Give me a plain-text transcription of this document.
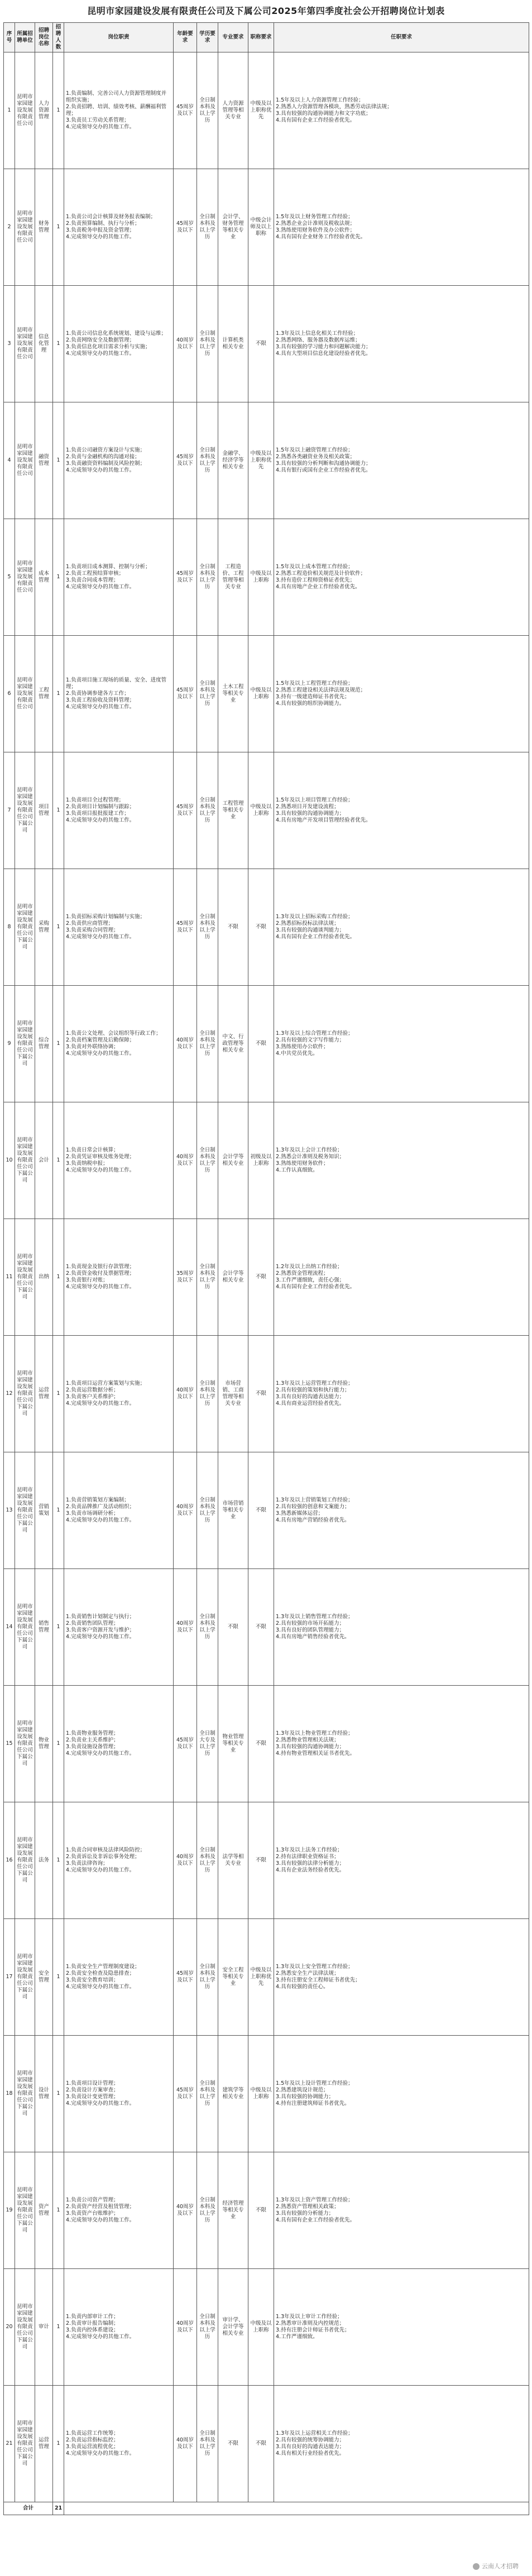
昆明市家园建设发展有限责任公司及下属公司2025年第四季度社会公开招聘岗位计划表
序号	所属招聘单位	招聘岗位名称	招聘人数	岗位职责	年龄要求	学历要求	专业要求	职称要求	任职要求
1	昆明市家园建设发展有限责任公司	人力资源管理	1	1.负责编制、完善公司人力资源管理制度并组织实施；
2.负责招聘、培训、绩效考核、薪酬福利管理；
3.负责员工劳动关系管理；
4.完成领导交办的其他工作。	45周岁及以下	全日制本科及以上学历	人力资源管理等相关专业	中级及以上职称优先	1.5年及以上人力资源管理工作经验；
2.熟悉人力资源管理各模块，熟悉劳动法律法规；
3.具有较强的沟通协调能力和文字功底；
4.具有国有企业工作经验者优先。
2	昆明市家园建设发展有限责任公司	财务管理	1	1.负责公司会计核算及财务报表编制；
2.负责预算编制、执行与分析；
3.负责税务申报及资金管理；
4.完成领导交办的其他工作。	45周岁及以下	全日制本科及以上学历	会计学、财务管理等相关专业	中级会计师及以上职称	1.5年及以上财务管理工作经验；
2.熟悉企业会计准则及税收法规；
3.熟练使用财务软件及办公软件；
4.具有国有企业财务工作经验者优先。
3	昆明市家园建设发展有限责任公司	信息化管理	1	1.负责公司信息化系统规划、建设与运维；
2.负责网络安全及数据管理；
3.负责信息化项目需求分析与实施；
4.完成领导交办的其他工作。	40周岁及以下	全日制本科及以上学历	计算机类相关专业	不限	1.3年及以上信息化相关工作经验；
2.熟悉网络、服务器及数据库运维；
3.具有较强的学习能力和问题解决能力；
4.具有大型项目信息化建设经验者优先。
4	昆明市家园建设发展有限责任公司	融资管理	1	1.负责公司融资方案设计与实施；
2.负责与金融机构的沟通对接；
3.负责融资资料编制及风险控制；
4.完成领导交办的其他工作。	45周岁及以下	全日制本科及以上学历	金融学、经济学等相关专业	中级及以上职称优先	1.5年及以上融资管理工作经验；
2.熟悉各类融资业务及相关政策；
3.具有较强的分析判断和沟通协调能力；
4.具有银行或国有企业工作经验者优先。
5	昆明市家园建设发展有限责任公司	成本管理	1	1.负责项目成本测算、控制与分析；
2.负责工程预结算审核；
3.负责合同成本管理；
4.完成领导交办的其他工作。	45周岁及以下	全日制本科及以上学历	工程造价、工程管理等相关专业	中级及以上职称	1.5年及以上成本管理工作经验；
2.熟悉工程造价相关规范及计价软件；
3.持有造价工程师资格证者优先；
4.具有房地产企业工作经验者优先。
6	昆明市家园建设发展有限责任公司	工程管理	1	1.负责项目施工现场的质量、安全、进度管理；
2.负责协调参建各方工作；
3.负责工程验收及资料管理；
4.完成领导交办的其他工作。	45周岁及以下	全日制本科及以上学历	土木工程等相关专业	中级及以上职称	1.5年及以上工程管理工作经验；
2.熟悉工程建设相关法律法规及规范；
3.持有一级建造师证书者优先；
4.具有较强的组织协调能力。
7	昆明市家园建设发展有限责任公司下属公司	项目管理	1	1.负责项目全过程管理；
2.负责项目计划编制与跟踪；
3.负责项目报批报建工作；
4.完成领导交办的其他工作。	45周岁及以下	全日制本科及以上学历	工程管理等相关专业	中级及以上职称	1.5年及以上项目管理工作经验；
2.熟悉项目开发建设流程；
3.具有较强的沟通协调能力；
4.具有房地产开发项目管理经验者优先。
8	昆明市家园建设发展有限责任公司下属公司	采购管理	1	1.负责招标采购计划编制与实施；
2.负责供应商管理；
3.负责采购合同管理；
4.完成领导交办的其他工作。	45周岁及以下	全日制本科及以上学历	不限	不限	1.3年及以上招标采购工作经验；
2.熟悉招标投标法律法规；
3.具有较强的沟通谈判能力；
4.具有国有企业工作经验者优先。
9	昆明市家园建设发展有限责任公司下属公司	综合管理	1	1.负责公文处理、会议组织等行政工作；
2.负责档案管理及后勤保障；
3.负责对外联络协调；
4.完成领导交办的其他工作。	40周岁及以下	全日制本科及以上学历	中文、行政管理等相关专业	不限	1.3年及以上综合管理工作经验；
2.具有较强的文字写作能力；
3.熟练使用办公软件；
4.中共党员优先。
10	昆明市家园建设发展有限责任公司下属公司	会计	1	1.负责日常会计核算；
2.负责凭证审核及账务处理；
3.负责纳税申报；
4.完成领导交办的其他工作。	40周岁及以下	全日制本科及以上学历	会计学等相关专业	初级及以上职称	1.3年及以上会计工作经验；
2.熟悉会计准则及税务知识；
3.熟练使用财务软件；
4.工作认真细致。
11	昆明市家园建设发展有限责任公司下属公司	出纳	1	1.负责现金及银行存款管理；
2.负责资金收付及票据管理；
3.负责银行对账；
4.完成领导交办的其他工作。	35周岁及以下	全日制本科及以上学历	会计学等相关专业	不限	1.2年及以上出纳工作经验；
2.熟悉资金管理流程；
3.工作严谨细致，责任心强；
4.具有国有企业工作经验者优先。
12	昆明市家园建设发展有限责任公司下属公司	运营管理	1	1.负责项目运营方案策划与实施；
2.负责运营数据分析；
3.负责客户关系维护；
4.完成领导交办的其他工作。	40周岁及以下	全日制本科及以上学历	市场营销、工商管理等相关专业	不限	1.3年及以上运营管理工作经验；
2.具有较强的策划和执行能力；
3.具有良好的沟通表达能力；
4.具有商业运营经验者优先。
13	昆明市家园建设发展有限责任公司下属公司	营销策划	1	1.负责营销策划方案编制；
2.负责品牌推广及活动组织；
3.负责市场调研分析；
4.完成领导交办的其他工作。	40周岁及以下	全日制本科及以上学历	市场营销等相关专业	不限	1.3年及以上营销策划工作经验；
2.具有较强的创意和文案能力；
3.熟悉新媒体运营；
4.具有房地产营销经验者优先。
14	昆明市家园建设发展有限责任公司下属公司	销售管理	1	1.负责销售计划制定与执行；
2.负责销售团队管理；
3.负责客户资源开发与维护；
4.完成领导交办的其他工作。	40周岁及以下	全日制本科及以上学历	不限	不限	1.3年及以上销售管理工作经验；
2.具有较强的市场开拓能力；
3.具有良好的团队管理能力；
4.具有房地产销售经验者优先。
15	昆明市家园建设发展有限责任公司下属公司	物业管理	1	1.负责物业服务管理；
2.负责业主关系维护；
3.负责设施设备管理；
4.完成领导交办的其他工作。	45周岁及以下	全日制大专及以上学历	物业管理等相关专业	不限	1.3年及以上物业管理工作经验；
2.熟悉物业管理相关法规；
3.具有较强的沟通协调能力；
4.持有物业管理相关证书者优先。
16	昆明市家园建设发展有限责任公司下属公司	法务	1	1.负责合同审核及法律风险防控；
2.负责诉讼及非诉讼事务处理；
3.负责法律咨询；
4.完成领导交办的其他工作。	40周岁及以下	全日制本科及以上学历	法学等相关专业	不限	1.3年及以上法务工作经验；
2.持有法律职业资格证书；
3.具有较强的法律分析能力；
4.具有企业法务经验者优先。
17	昆明市家园建设发展有限责任公司下属公司	安全管理	1	1.负责安全生产管理制度建设；
2.负责安全检查及隐患排查；
3.负责安全教育培训；
4.完成领导交办的其他工作。	45周岁及以下	全日制本科及以上学历	安全工程等相关专业	中级及以上职称优先	1.3年及以上安全管理工作经验；
2.熟悉安全生产法律法规；
3.持有注册安全工程师证书者优先；
4.具有较强的责任心。
18	昆明市家园建设发展有限责任公司下属公司	设计管理	1	1.负责项目设计管理；
2.负责设计方案审查；
3.负责设计变更管理；
4.完成领导交办的其他工作。	45周岁及以下	全日制本科及以上学历	建筑学等相关专业	中级及以上职称	1.5年及以上设计管理工作经验；
2.熟悉建筑设计规范；
3.具有较强的协调能力；
4.持有注册建筑师证书者优先。
19	昆明市家园建设发展有限责任公司下属公司	资产管理	1	1.负责公司资产管理；
2.负责资产经营及租赁管理；
3.负责资产台账维护；
4.完成领导交办的其他工作。	40周岁及以下	全日制本科及以上学历	经济管理等相关专业	不限	1.3年及以上资产管理工作经验；
2.熟悉资产管理相关政策；
3.具有较强的分析能力；
4.具有国有企业工作经验者优先。
20	昆明市家园建设发展有限责任公司下属公司	审计	1	1.负责内部审计工作；
2.负责审计报告编制；
3.负责内控体系建设；
4.完成领导交办的其他工作。	40周岁及以下	全日制本科及以上学历	审计学、会计学等相关专业	中级及以上职称	1.3年及以上审计工作经验；
2.熟悉审计准则及内控规范；
3.持有注册会计师证书者优先；
4.工作严谨细致。
21	昆明市家园建设发展有限责任公司下属公司	运营管理	1	1.负责运营工作统筹；
2.负责运营指标监控；
3.负责运营流程优化；
4.完成领导交办的其他工作。	40周岁及以下	全日制本科及以上学历	不限	不限	1.3年及以上运营相关工作经验；
2.具有较强的统筹协调能力；
3.具有良好的沟通表达能力；
4.具有相关行业经验者优先。
合计			21						
云南人才招聘
